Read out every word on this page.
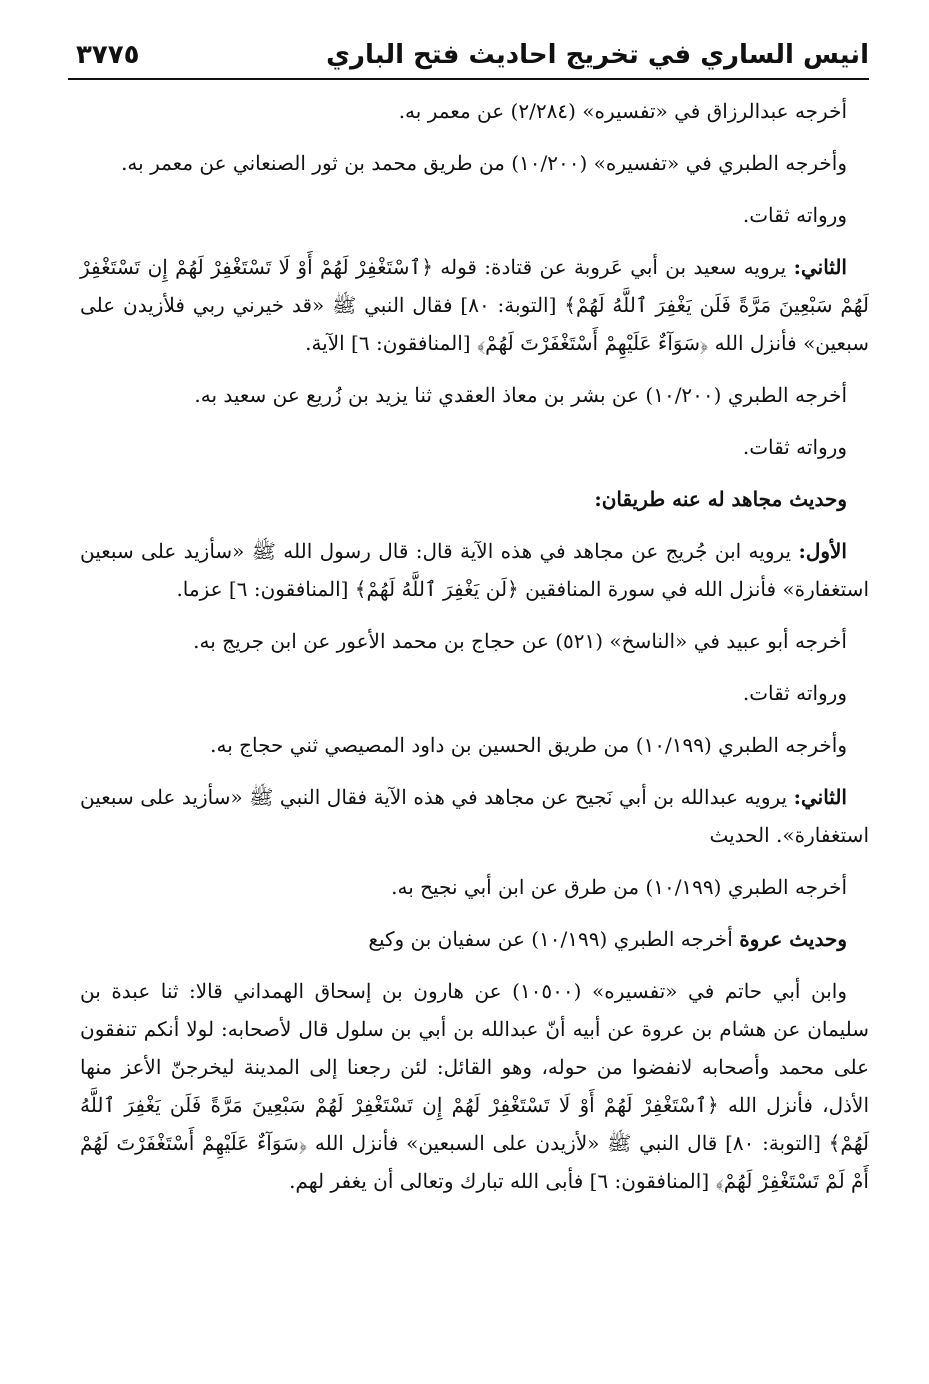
انيس الساري في تخريج احاديث فتح الباري
٣٧٧٥

أخرجه عبدالرزاق في «تفسيره» (٢/٢٨٤) عن معمر به.

وأخرجه الطبري في «تفسيره» (١٠/٢٠٠) من طريق محمد بن ثور الصنعاني عن معمر به.

ورواته ثقات.

الثاني: يرويه سعيد بن أبي عَروبة عن قتادة: قوله ﴿ٱسْتَغْفِرْ لَهُمْ أَوْ لَا تَسْتَغْفِرْ لَهُمْ إِن تَسْتَغْفِرْ لَهُمْ سَبْعِينَ مَرَّةً فَلَن يَغْفِرَ ٱللَّهُ لَهُمْ﴾ [التوبة: ٨٠] فقال النبي ﷺ «قد خيرني ربي فلأزيدن على سبعين» فأنزل الله ﴿سَوَآءٌ عَلَيْهِمْ أَسْتَغْفَرْتَ لَهُمْ﴾ [المنافقون: ٦] الآية.

أخرجه الطبري (١٠/٢٠٠) عن بشر بن معاذ العقدي ثنا يزيد بن زُريع عن سعيد به.

ورواته ثقات.

وحديث مجاهد له عنه طريقان:

الأول: يرويه ابن جُريج عن مجاهد في هذه الآية قال: قال رسول الله ﷺ «سأزيد على سبعين استغفارة» فأنزل الله في سورة المنافقين ﴿لَن يَغْفِرَ ٱللَّهُ لَهُمْ﴾ [المنافقون: ٦] عزما.

أخرجه أبو عبيد في «الناسخ» (٥٢١) عن حجاج بن محمد الأعور عن ابن جريج به.

ورواته ثقات.

وأخرجه الطبري (١٠/١٩٩) من طريق الحسين بن داود المصيصي ثني حجاج به.

الثاني: يرويه عبدالله بن أبي نَجيح عن مجاهد في هذه الآية فقال النبي ﷺ «سأزيد على سبعين استغفارة». الحديث

أخرجه الطبري (١٠/١٩٩) من طرق عن ابن أبي نجيح به.

وحديث عروة أخرجه الطبري (١٠/١٩٩) عن سفيان بن وكيع

وابن أبي حاتم في «تفسيره» (١٠٥٠٠) عن هارون بن إسحاق الهمداني قالا: ثنا عبدة بن سليمان عن هشام بن عروة عن أبيه أنّ عبدالله بن أبي بن سلول قال لأصحابه: لولا أنكم تنفقون على محمد وأصحابه لانفضوا من حوله، وهو القائل: لئن رجعنا إلى المدينة ليخرجنّ الأعز منها الأذل، فأنزل الله ﴿ٱسْتَغْفِرْ لَهُمْ أَوْ لَا تَسْتَغْفِرْ لَهُمْ إِن تَسْتَغْفِرْ لَهُمْ سَبْعِينَ مَرَّةً فَلَن يَغْفِرَ ٱللَّهُ لَهُمْ﴾ [التوبة: ٨٠] قال النبي ﷺ «لأزيدن على السبعين» فأنزل الله ﴿سَوَآءٌ عَلَيْهِمْ أَسْتَغْفَرْتَ لَهُمْ أَمْ لَمْ تَسْتَغْفِرْ لَهُمْ﴾ [المنافقون: ٦] فأبى الله تبارك وتعالى أن يغفر لهم.
